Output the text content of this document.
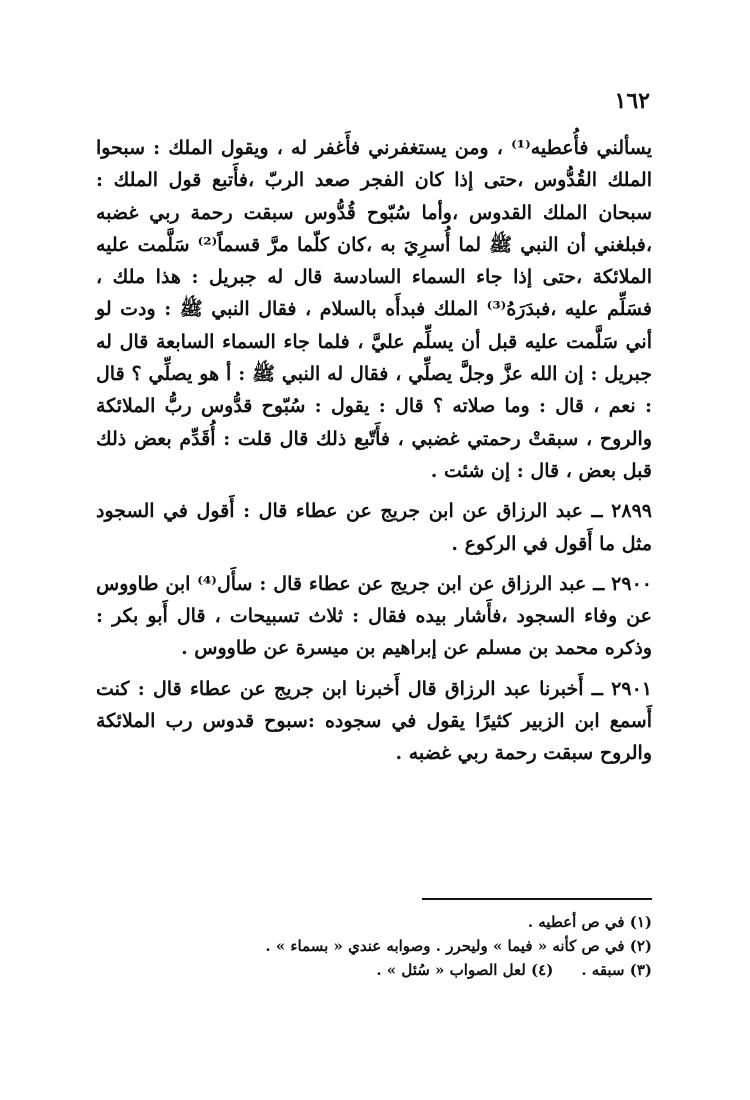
١٦٢

يسألني فأُعطيه⁽¹⁾ ، ومن يستغفرني فأَغفر له ، ويقول الملك : سبحوا الملك القُدُّوس ،حتى إذا كان الفجر صعد الربّ ،فأَتبع قول الملك : سبحان الملك القدوس ،وأما سُبّوح قُدُّوس سبقت رحمة ربي غضبه ،فبلغني أن النبي ﷺ لما أُسرِيَ به ،كان كلّما مرَّ قسماً⁽²⁾ سَلَّمت عليه الملائكة ،حتى إذا جاء السماء السادسة قال له جبريل : هذا ملك ، فسَلِّم عليه ،فبدَرَهُ⁽³⁾ الملك فبدأَه بالسلام ، فقال النبي ﷺ : ودت لو أني سَلَّمت عليه قبل أن يسلِّم عليَّ ، فلما جاء السماء السابعة قال له جبريل : إن الله عزَّ وجلَّ يصلِّي ، فقال له النبي ﷺ : أ هو يصلِّي ؟ قال : نعم ، قال : وما صلاته ؟ قال : يقول : سُبّوح قدُّوس ربُّ الملائكة والروح ، سبقتْ رحمتي غضبي ، فأَتّبع ذلك قال قلت : أُقَدِّم بعض ذلك قبل بعض ، قال : إن شئت .

٢٨٩٩ ــ عبد الرزاق عن ابن جريج عن عطاء قال : أَقول في السجود مثل ما أَقول في الركوع .

٢٩٠٠ ــ عبد الرزاق عن ابن جريج عن عطاء قال : سأَل⁽⁴⁾ ابن طاووس عن وفاء السجود ،فأَشار بيده فقال : ثلاث تسبيحات ، قال أَبو بكر : وذكره محمد بن مسلم عن إبراهيم بن ميسرة عن طاووس .

٢٩٠١ ــ أَخبرنا عبد الرزاق قال أَخبرنا ابن جريج عن عطاء قال : كنت أَسمع ابن الزبير كثيرًا يقول في سجوده :سبوح قدوس رب الملائكة والروح سبقت رحمة ربي غضبه .

(١) في ص أعطيه .

(٢) في ص كأنه « فيما » وليحرر . وصوابه عندي « بسماء » .

(٣) سبقه .(٤) لعل الصواب « سُئل » .
